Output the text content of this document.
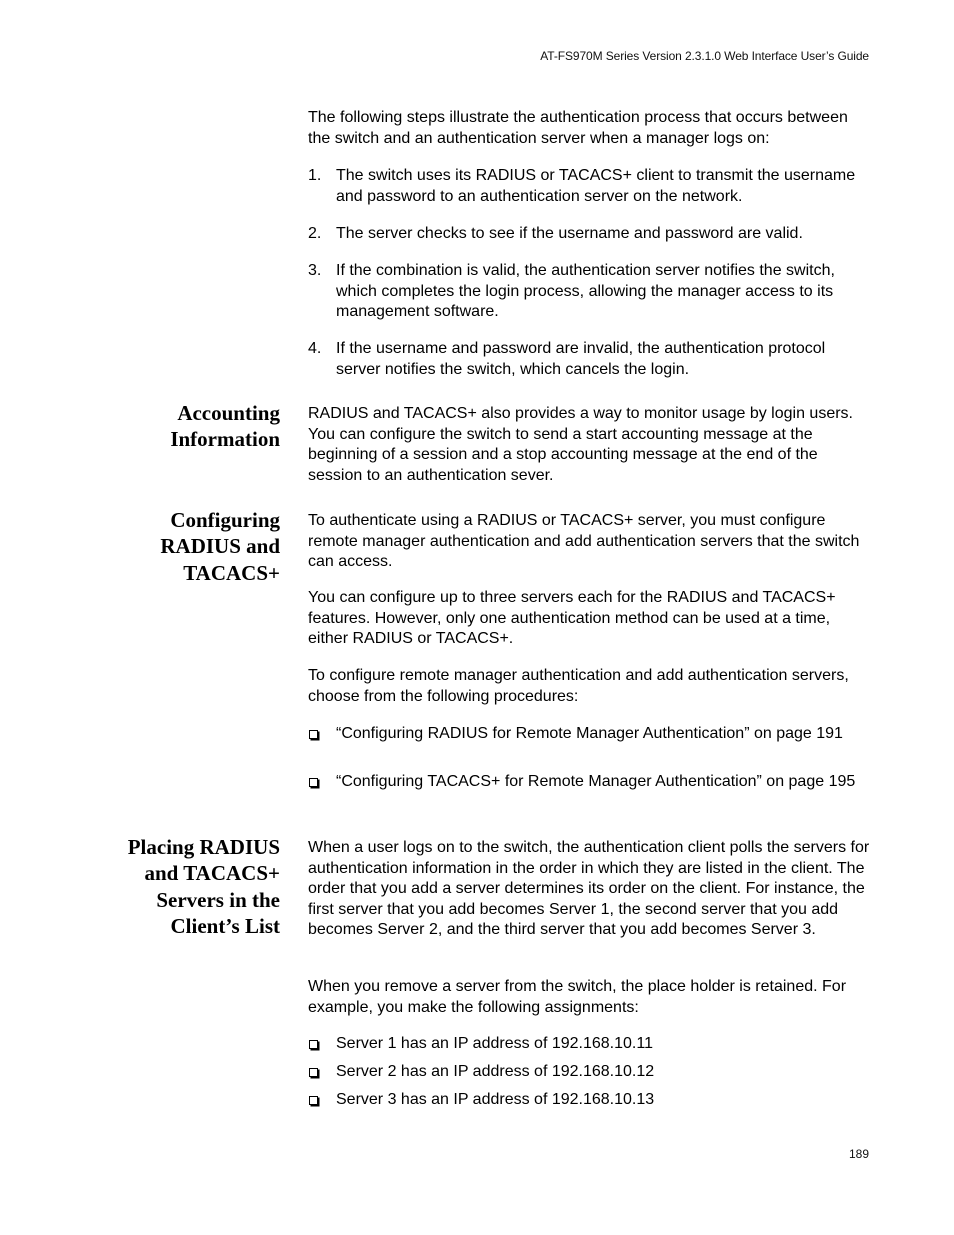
AT-FS970M Series Version 2.3.1.0 Web Interface User’s Guide

The following steps illustrate the authentication process that occurs between the switch and an authentication server when a manager logs on:

1. The switch uses its RADIUS or TACACS+ client to transmit the username and password to an authentication server on the network.
2. The server checks to see if the username and password are valid.
3. If the combination is valid, the authentication server notifies the switch, which completes the login process, allowing the manager access to its management software.
4. If the username and password are invalid, the authentication protocol server notifies the switch, which cancels the login.
Accounting
Information

RADIUS and TACACS+ also provides a way to monitor usage by login users. You can configure the switch to send a start accounting message at the beginning of a session and a stop accounting message at the end of the session to an authentication sever.

Configuring
RADIUS and
TACACS+

To authenticate using a RADIUS or TACACS+ server, you must configure remote manager authentication and add authentication servers that the switch can access.

You can configure up to three servers each for the RADIUS and TACACS+ features. However, only one authentication method can be used at a time, either RADIUS or TACACS+.

To configure remote manager authentication and add authentication servers, choose from the following procedures:

“Configuring RADIUS for Remote Manager Authentication” on page 191
“Configuring TACACS+ for Remote Manager Authentication” on page 195
Placing RADIUS
and TACACS+
Servers in the
Client’s List

When a user logs on to the switch, the authentication client polls the servers for authentication information in the order in which they are listed in the client. The order that you add a server determines its order on the client. For instance, the first server that you add becomes Server 1, the second server that you add becomes Server 2, and the third server that you add becomes Server 3.

When you remove a server from the switch, the place holder is retained. For example, you make the following assignments:

Server 1 has an IP address of 192.168.10.11
Server 2 has an IP address of 192.168.10.12
Server 3 has an IP address of 192.168.10.13
189
